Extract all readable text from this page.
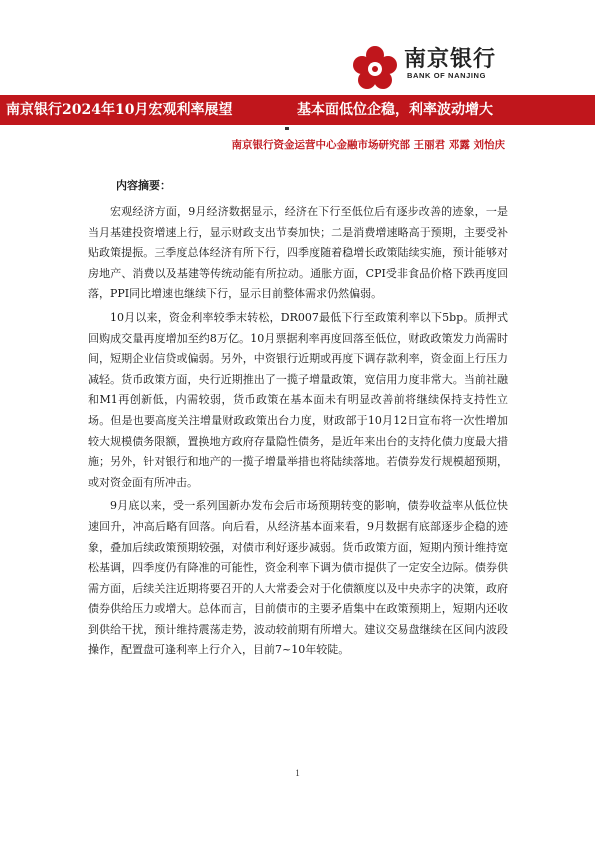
南京银行
BANK OF NANJING
南京银行2024年10月宏观利率展望	基本面低位企稳，利率波动增大
南京银行资金运营中心金融市场研究部 王丽君 邓露 刘怡庆
内容摘要：

宏观经济方面，9月经济数据显示，经济在下行至低位后有逐步改善的迹象，一是当月基建投资增速上行，显示财政支出节奏加快；二是消费增速略高于预期，主要受补贴政策提振。三季度总体经济有所下行，四季度随着稳增长政策陆续实施，预计能够对房地产、消费以及基建等传统动能有所拉动。通胀方面，CPI受非食品价格下跌再度回落，PPI同比增速也继续下行，显示目前整体需求仍然偏弱。

10月以来，资金利率较季末转松，DR007最低下行至政策利率以下5bp。质押式回购成交量再度增加至约8万亿。10月票据利率再度回落至低位，财政政策发力尚需时间，短期企业信贷或偏弱。另外，中资银行近期或再度下调存款利率，资金面上行压力减轻。货币政策方面，央行近期推出了一揽子增量政策，宽信用力度非常大。当前社融和M1再创新低，内需较弱，货币政策在基本面未有明显改善前将继续保持支持性立场。但是也要高度关注增量财政政策出台力度，财政部于10月12日宣布将一次性增加较大规模债务限额，置换地方政府存量隐性债务，是近年来出台的支持化债力度最大措施；另外，针对银行和地产的一揽子增量举措也将陆续落地。若债券发行规模超预期，或对资金面有所冲击。

9月底以来，受一系列国新办发布会后市场预期转变的影响，债券收益率从低位快速回升，冲高后略有回落。向后看，从经济基本面来看，9月数据有底部逐步企稳的迹象，叠加后续政策预期较强，对债市利好逐步减弱。货币政策方面，短期内预计维持宽松基调，四季度仍有降准的可能性，资金利率下调为债市提供了一定安全边际。债券供需方面，后续关注近期将要召开的人大常委会对于化债额度以及中央赤字的决策，政府债券供给压力或增大。总体而言，目前债市的主要矛盾集中在政策预期上，短期内还收到供给干扰，预计维持震荡走势，波动较前期有所增大。建议交易盘继续在区间内波段操作，配置盘可逢利率上行介入，目前7~10年较陡。

1
